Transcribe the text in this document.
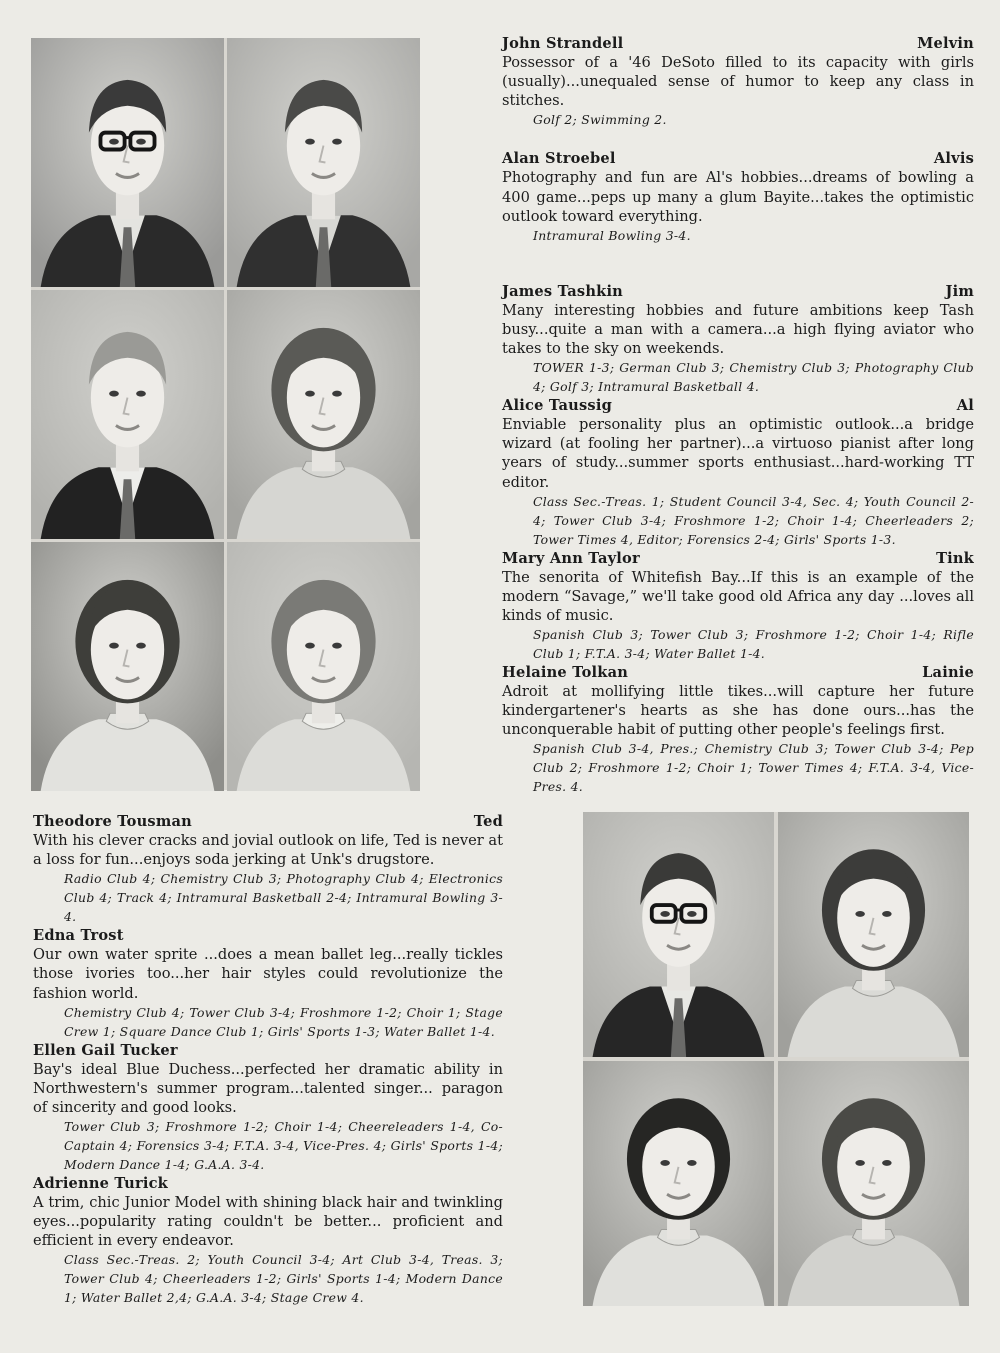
John Strandell	Melvin
Possessor of a '46 DeSoto filled to its capacity with girls (usually)...unequaled sense of humor to keep any class in stitches.
Golf 2; Swimming 2.
Alan Stroebel	Alvis
Photography and fun are Al's hobbies...dreams of bowling a 400 game...peps up many a glum Bayite...takes the optimistic outlook toward everything.
Intramural Bowling 3-4.
James Tashkin	Jim
Many interesting hobbies and future ambitions keep Tash busy...quite a man with a camera...a high flying aviator who takes to the sky on weekends.
TOWER 1-3; German Club 3; Chemistry Club 3; Photography Club 4; Golf 3; Intramural Basketball 4.
Alice Taussig	Al
Enviable personality plus an optimistic outlook...a bridge wizard (at fooling her partner)...a virtuoso pianist after long years of study...summer sports enthusiast...hard-working TT editor.
Class Sec.-Treas. 1; Student Council 3-4, Sec. 4; Youth Council 2-4; Tower Club 3-4; Froshmore 1-2; Choir 1-4; Cheerleaders 2; Tower Times 4, Editor; Forensics 2-4; Girls' Sports 1-3.
Mary Ann Taylor	Tink
The senorita of Whitefish Bay...If this is an example of the modern “Savage,” we'll take good old Africa any day ...loves all kinds of music.
Spanish Club 3; Tower Club 3; Froshmore 1-2; Choir 1-4; Rifle Club 1; F.T.A. 3-4; Water Ballet 1-4.
Helaine Tolkan	Lainie
Adroit at mollifying little tikes...will capture her future kindergartener's hearts as she has done ours...has the unconquerable habit of putting other people's feelings first.
Spanish Club 3-4, Pres.; Chemistry Club 3; Tower Club 3-4; Pep Club 2; Froshmore 1-2; Choir 1; Tower Times 4; F.T.A. 3-4, Vice-Pres. 4.
Theodore Tousman	Ted
With his clever cracks and jovial outlook on life, Ted is never at a loss for fun...enjoys soda jerking at Unk's drugstore.
Radio Club 4; Chemistry Club 3; Photography Club 4; Electronics Club 4; Track 4; Intramural Basketball 2-4; Intramural Bowling 3-4.
Edna Trost
Our own water sprite ...does a mean ballet leg...really tickles those ivories too...her hair styles could revolutionize the fashion world.
Chemistry Club 4; Tower Club 3-4; Froshmore 1-2; Choir 1; Stage Crew 1; Square Dance Club 1; Girls' Sports 1-3; Water Ballet 1-4.
Ellen Gail Tucker
Bay's ideal Blue Duchess...perfected her dramatic ability in Northwestern's summer program...talented singer... paragon of sincerity and good looks.
Tower Club 3; Froshmore 1-2; Choir 1-4; Cheereleaders 1-4, Co-Captain 4; Forensics 3-4; F.T.A. 3-4, Vice-Pres. 4; Girls' Sports 1-4; Modern Dance 1-4; G.A.A. 3-4.
Adrienne Turick
A trim, chic Junior Model with shining black hair and twinkling eyes...popularity rating couldn't be better... proficient and efficient in every endeavor.
Class Sec.-Treas. 2; Youth Council 3-4; Art Club 3-4, Treas. 3; Tower Club 4; Cheerleaders 1-2; Girls' Sports 1-4; Modern Dance 1; Water Ballet 2,4; G.A.A. 3-4; Stage Crew 4.
